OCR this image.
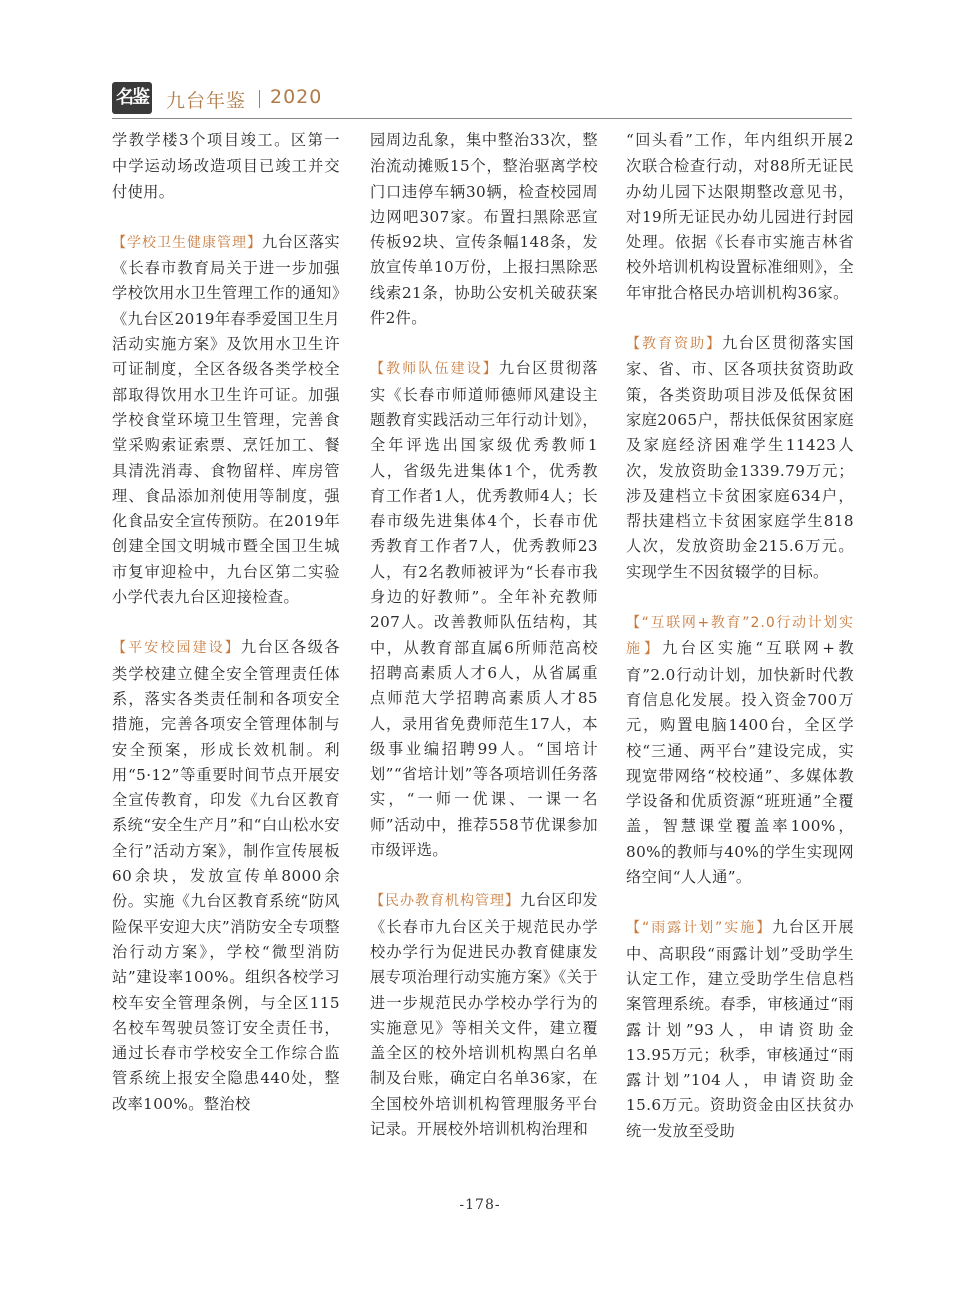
名鉴 九台年鉴 2020

学教学楼3个项目竣工。区第一中学运动场改造项目已竣工并交付使用。

【学校卫生健康管理】九台区落实《长春市教育局关于进一步加强学校饮用水卫生管理工作的通知》《九台区2019年春季爱国卫生月活动实施方案》及饮用水卫生许可证制度，全区各级各类学校全部取得饮用水卫生许可证。加强学校食堂环境卫生管理，完善食堂采购索证索票、烹饪加工、餐具清洗消毒、食物留样、库房管理、食品添加剂使用等制度，强化食品安全宣传预防。在2019年创建全国文明城市暨全国卫生城市复审迎检中，九台区第二实验小学代表九台区迎接检查。

【平安校园建设】九台区各级各类学校建立健全安全管理责任体系，落实各类责任制和各项安全措施，完善各项安全管理体制与安全预案，形成长效机制。利用“5·12”等重要时间节点开展安全宣传教育，印发《九台区教育系统“安全生产月”和“白山松水安全行”活动方案》，制作宣传展板60余块，发放宣传单8000余份。实施《九台区教育系统“防风险保平安迎大庆”消防安全专项整治行动方案》，学校“微型消防站”建设率100%。组织各校学习校车安全管理条例，与全区115名校车驾驶员签订安全责任书，通过长春市学校安全工作综合监管系统上报安全隐患440处，整改率100%。整治校

园周边乱象，集中整治33次，整治流动摊贩15个，整治驱离学校门口违停车辆30辆，检查校园周边网吧307家。布置扫黑除恶宣传板92块、宣传条幅148条，发放宣传单10万份，上报扫黑除恶线索21条，协助公安机关破获案件2件。

【教师队伍建设】九台区贯彻落实《长春市师道师德师风建设主题教育实践活动三年行动计划》，全年评选出国家级优秀教师1人，省级先进集体1个，优秀教育工作者1人，优秀教师4人；长春市级先进集体4个，长春市优秀教育工作者7人，优秀教师23人，有2名教师被评为“长春市我身边的好教师”。全年补充教师207人。改善教师队伍结构，其中，从教育部直属6所师范高校招聘高素质人才6人，从省属重点师范大学招聘高素质人才85人，录用省免费师范生17人，本级事业编招聘99人。“国培计划”“省培计划”等各项培训任务落实，“一师一优课、一课一名师”活动中，推荐558节优课参加市级评选。

【民办教育机构管理】九台区印发《长春市九台区关于规范民办学校办学行为促进民办教育健康发展专项治理行动实施方案》《关于进一步规范民办学校办学行为的实施意见》等相关文件，建立覆盖全区的校外培训机构黑白名单制及台账，确定白名单36家，在全国校外培训机构管理服务平台记录。开展校外培训机构治理和

“回头看”工作，年内组织开展2次联合检查行动，对88所无证民办幼儿园下达限期整改意见书，对19所无证民办幼儿园进行封园处理。依据《长春市实施吉林省校外培训机构设置标准细则》，全年审批合格民办培训机构36家。

【教育资助】九台区贯彻落实国家、省、市、区各项扶贫资助政策，各类资助项目涉及低保贫困家庭2065户，帮扶低保贫困家庭及家庭经济困难学生11423人次，发放资助金1339.79万元；涉及建档立卡贫困家庭634户，帮扶建档立卡贫困家庭学生818人次，发放资助金215.6万元。实现学生不因贫辍学的目标。

【“互联网+教育”2.0行动计划实施】九台区实施“互联网+教育”2.0行动计划，加快新时代教育信息化发展。投入资金700万元，购置电脑1400台，全区学校“三通、两平台”建设完成，实现宽带网络“校校通”、多媒体教学设备和优质资源“班班通”全覆盖，智慧课堂覆盖率100%，80%的教师与40%的学生实现网络空间“人人通”。

【“雨露计划”实施】九台区开展中、高职段“雨露计划”受助学生认定工作，建立受助学生信息档案管理系统。春季，审核通过“雨露计划”93人，申请资助金13.95万元；秋季，审核通过“雨露计划”104人，申请资助金15.6万元。资助资金由区扶贫办统一发放至受助

-178-
